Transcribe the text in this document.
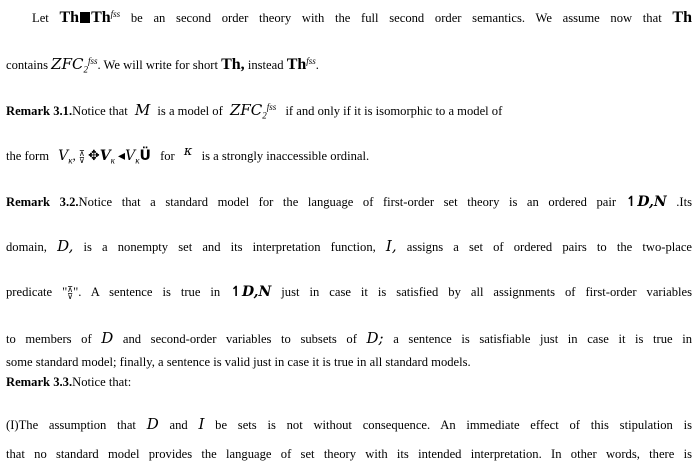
Let Th $Th^{fss}$ be an second order theory with the full second order semantics. We assume now that Th
contains $ZFC_2^{fss}$. We will write for short Th, instead $Th^{fss}$.
Remark 3.1.Notice that M is a model of $ZFC_2^{fss}$ if and only if it is isomorphic to a model of
the form $V_\kappa$, ⊼
⊽ $✥V_\kappa$ $◂V_\kappa Ü$ for $^\kappa$ is a strongly inaccessible ordinal.
Remark 3.2.Notice that a standard model for the language of first-order set theory is an ordered pair ↿D,N .Its
domain, D, is a nonempty set and its interpretation function, I, assigns a set of ordered pairs to the two-place
predicate " ⊼
⊽ ". A sentence is true in ↿D,N just in case it is satisfied by all assignments of first-order variables
to members of D and second-order variables to subsets of D; a sentence is satisfiable just in case it is true in
some standard model; finally, a sentence is valid just in case it is true in all standard models.
Remark 3.3.Notice that:
(I)The assumption that D and I be sets is not without consequence. An immediate effect of this stipulation is
that no standard model provides the language of set theory with its intended interpretation. In other words, there is
